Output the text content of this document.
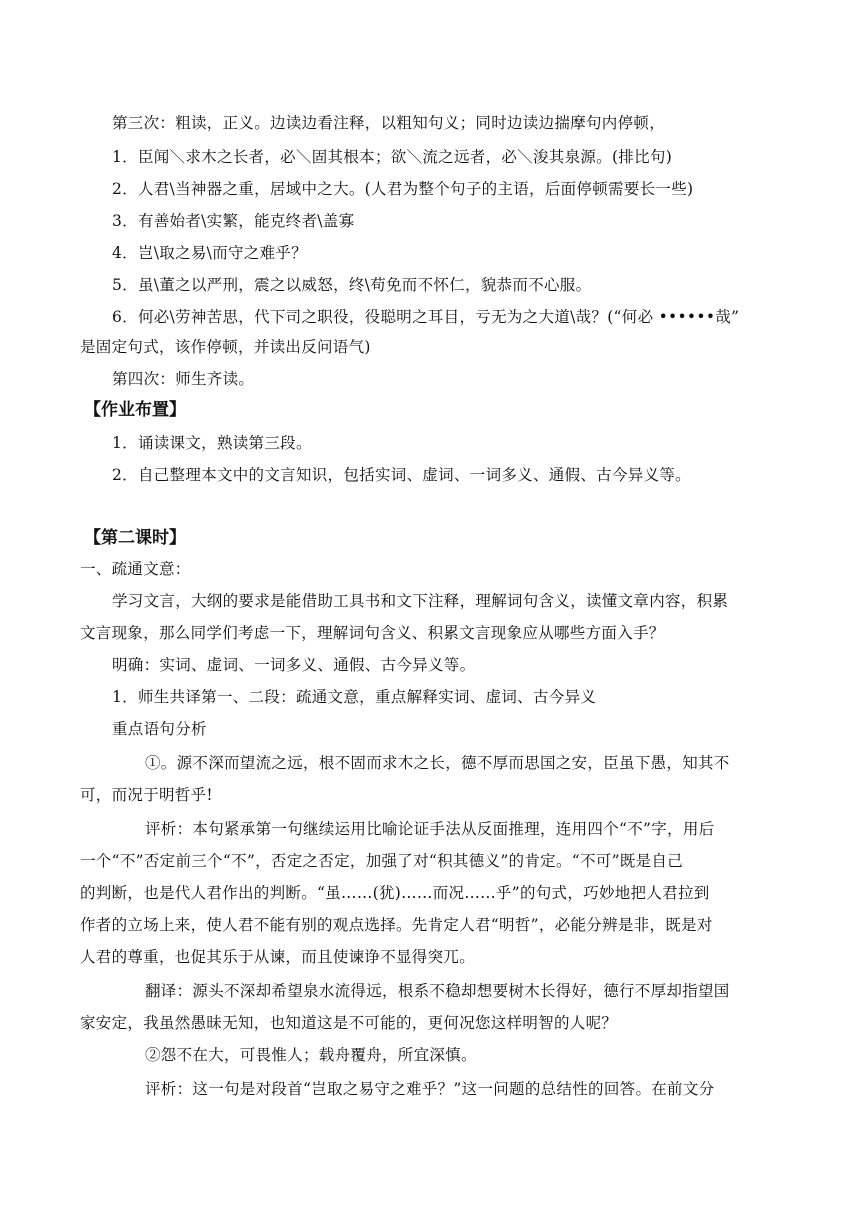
第三次：粗读，正义。边读边看注释，以粗知句义；同时边读边揣摩句内停顿，
1．臣闻＼求木之长者，必＼固其根本；欲＼流之远者，必＼浚其泉源。(排比句)
2．人君\当神器之重，居域中之大。(人君为整个句子的主语，后面停顿需要长一些)
3．有善始者\实繁，能克终者\盖寡
4．岂\取之易\而守之难乎？
5．虽\董之以严刑，震之以威怒，终\苟免而不怀仁，貌恭而不心服。
6．何必\劳神苦思，代下司之职役，役聪明之耳目，亏无为之大道\哉？(“何必 ••••••哉”
是固定句式，该作停顿，并读出反问语气)
第四次：师生齐读。
【作业布置】
1．诵读课文，熟读第三段。
2．自己整理本文中的文言知识，包括实词、虚词、一词多义、通假、古今异义等。
【第二课时】
一、疏通文意：
学习文言，大纲的要求是能借助工具书和文下注释，理解词句含义，读懂文章内容，积累
文言现象，那么同学们考虑一下，理解词句含义、积累文言现象应从哪些方面入手？
明确：实词、虚词、一词多义、通假、古今异义等。
1．师生共译第一、二段：疏通文意，重点解释实词、虚词、古今异义
重点语句分析
①。源不深而望流之远，根不固而求木之长，德不厚而思国之安，臣虽下愚，知其不
可，而况于明哲乎!
评析：本句紧承第一句继续运用比喻论证手法从反面推理，连用四个“不”字，用后
一个“不”否定前三个“不”，否定之否定，加强了对“积其德义”的肯定。“不可”既是自己
的判断，也是代人君作出的判断。“虽……(犹)……而况……乎”的句式，巧妙地把人君拉到
作者的立场上来，使人君不能有别的观点选择。先肯定人君“明哲”，必能分辨是非，既是对
人君的尊重，也促其乐于从谏，而且使谏诤不显得突兀。
翻译：源头不深却希望泉水流得远，根系不稳却想要树木长得好，德行不厚却指望国
家安定，我虽然愚昧无知，也知道这是不可能的，更何况您这样明智的人呢？
②怨不在大，可畏惟人；载舟覆舟，所宜深慎。
评析：这一句是对段首“岂取之易守之难乎？”这一问题的总结性的回答。在前文分
